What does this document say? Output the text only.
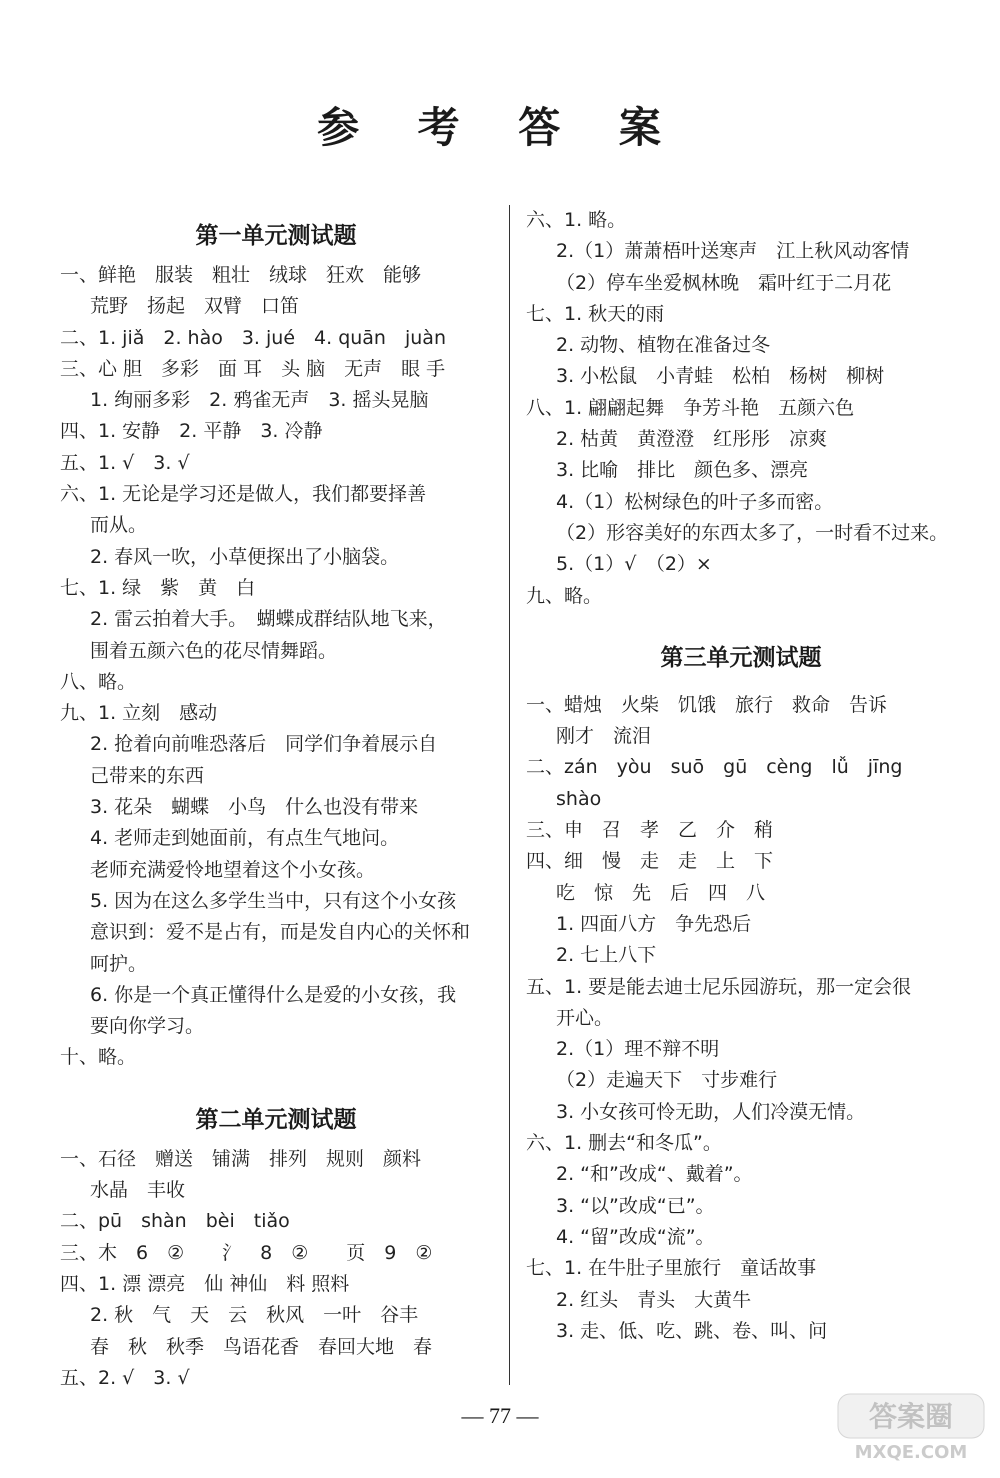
参 考 答 案
第一单元测试题
一、鲜艳　服装　粗壮　绒球　狂欢　能够
荒野　扬起　双臂　口笛
二、1. jiǎ　2. hào　3. jué　4. quān　juàn
三、心 胆　多彩　面 耳　头 脑　无声　眼 手
1. 绚丽多彩　2. 鸦雀无声　3. 摇头晃脑
四、1. 安静　2. 平静　3. 冷静
五、1. √　3. √
六、1. 无论是学习还是做人，我们都要择善
而从。
2. 春风一吹，小草便探出了小脑袋。
七、1. 绿　紫　黄　白
2. 雷云拍着大手。　蝴蝶成群结队地飞来，
围着五颜六色的花尽情舞蹈。
八、略。
九、1. 立刻　感动
2. 抢着向前唯恐落后　同学们争着展示自
己带来的东西
3. 花朵　蝴蝶　小鸟　什么也没有带来
4. 老师走到她面前，有点生气地问。
老师充满爱怜地望着这个小女孩。
5. 因为在这么多学生当中，只有这个小女孩
意识到：爱不是占有，而是发自内心的关怀和
呵护。
6. 你是一个真正懂得什么是爱的小女孩，我
要向你学习。
十、略。
第二单元测试题
一、石径　赠送　铺满　排列　规则　颜料
水晶　丰收
二、pū　shàn　bèi　tiǎo
三、木　6　②　　氵　8　②　　页　9　②
四、1. 漂 漂亮　仙 神仙　料 照料
2. 秋　气　天　云　秋风　一叶　谷丰
春　秋　秋季　鸟语花香　春回大地　春
五、2. √　3. √
六、1. 略。
2.（1）萧萧梧叶送寒声　江上秋风动客情
（2）停车坐爱枫林晚　霜叶红于二月花
七、1. 秋天的雨
2. 动物、植物在准备过冬
3. 小松鼠　小青蛙　松柏　杨树　柳树
八、1. 翩翩起舞　争芳斗艳　五颜六色
2. 枯黄　黄澄澄　红彤彤　凉爽
3. 比喻　排比　颜色多、漂亮
4.（1）松树绿色的叶子多而密。
（2）形容美好的东西太多了，一时看不过来。
5.（1）√　（2）×
九、略。
第三单元测试题
一、蜡烛　火柴　饥饿　旅行　救命　告诉
刚才　流泪
二、zán　yòu　suō　gū　cèng　lǚ　jīng
shào
三、申　召　孝　乙　介　稍
四、细　慢　走　走　上　下
吃　惊　先　后　四　八
1. 四面八方　争先恐后
2. 七上八下
五、1. 要是能去迪士尼乐园游玩，那一定会很
开心。
2.（1）理不辩不明
（2）走遍天下　寸步难行
3. 小女孩可怜无助，人们冷漠无情。
六、1. 删去“和冬瓜”。
2. “和”改成“、戴着”。
3. “以”改成“已”。
4. “留”改成“流”。
七、1. 在牛肚子里旅行　童话故事
2. 红头　青头　大黄牛
3. 走、低、吃、跳、卷、叫、问
— 77 —	答案圈
MXQE.COM
